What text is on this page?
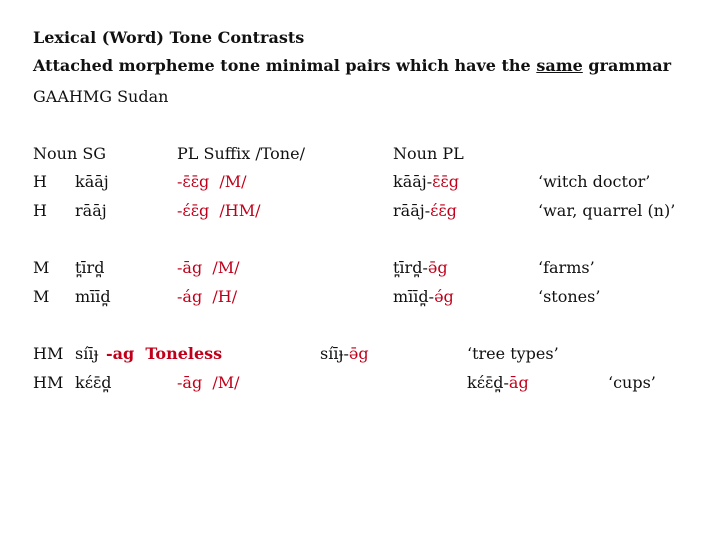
Lexical (Word) Tone Contrasts
Attached morpheme tone minimal pairs which have the same grammar
GAAHMG Sudan
Noun SG	PL Suffix /Tone/	Noun PL
H kāāj	-ɛ̄ɛ̄g /M/	kāāj-ɛ̄ɛ̄g	‘witch doctor’
H rāāj	-ɛ́ɛ̄g /HM/	rāāj-ɛ́ɛ̄g	‘war, quarrel (n)’
M t̪īrd̪	-āg /M/	t̪īrd̪-ə̄g	‘farms’
M mīīd̪	-ág /H/	mīīd̪-ə́g	‘stones’
HM síīɟ -ag Toneless	síīɟ-ə̄g	‘tree types’
HM kɛ́ɛ̄d̪	-āg /M/	kɛ́ɛ̄d̪-āg	‘cups’
